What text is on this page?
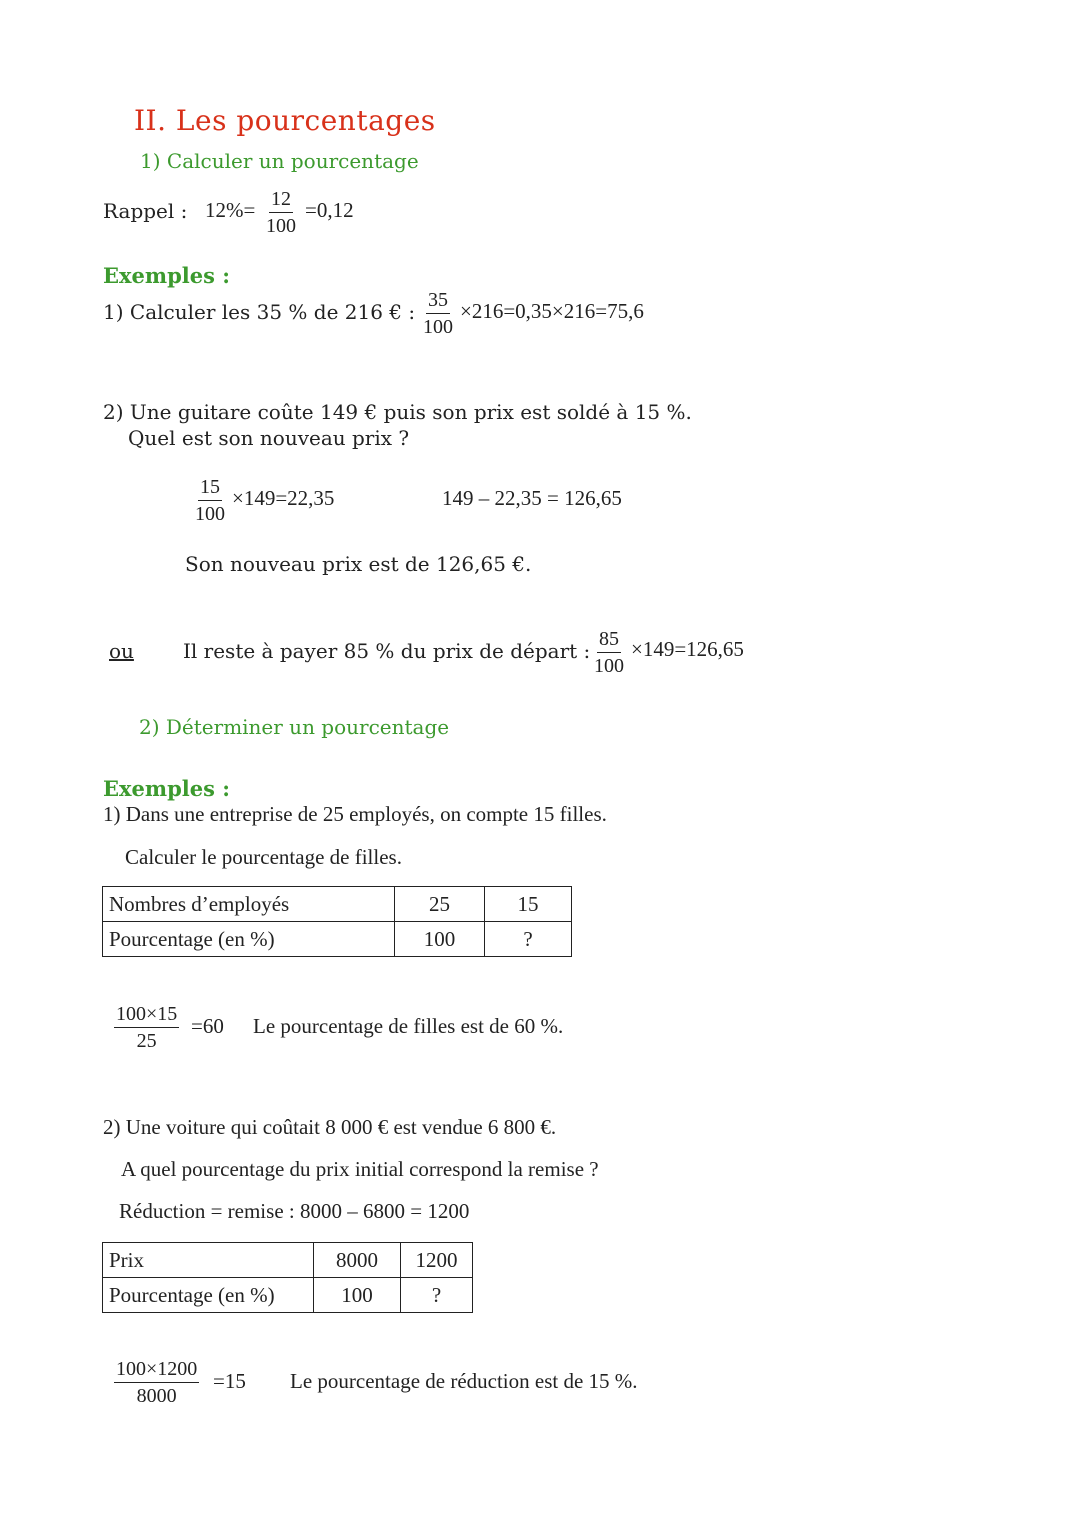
II. Les pourcentages
1) Calculer un pourcentage
Rappel : $12\%= \frac{12}{100} =0,12$
Exemples :
1) Calculer les 35 % de 216 € : $\frac{35}{100} \times 216=0,35\times 216=75,6$
2) Une guitare coûte 149 € puis son prix est soldé à 15 %.
Quel est son nouveau prix ?
$\frac{15}{100} \times 149=22,35$	149 – 22,35 = 126,65
Son nouveau prix est de 126,65 €.
ou Il reste à payer 85 % du prix de départ : $\frac{85}{100} \times 149=126,65$
2) Déterminer un pourcentage
Exemples :
1) Dans une entreprise de 25 employés, on compte 15 filles.
Calculer le pourcentage de filles.
Nombres d’employés	25	15
Pourcentage (en %)	100	?
$\frac{100\times 15}{25} =60$ Le pourcentage de filles est de 60 %.
2) Une voiture qui coûtait 8 000 € est vendue 6 800 €.
A quel pourcentage du prix initial correspond la remise ?
Réduction = remise : 8000 – 6800 = 1200
Prix	8000	1200
Pourcentage (en %)	100	?
$\frac{100\times 1200}{8000} =15$ Le pourcentage de réduction est de 15 %.
